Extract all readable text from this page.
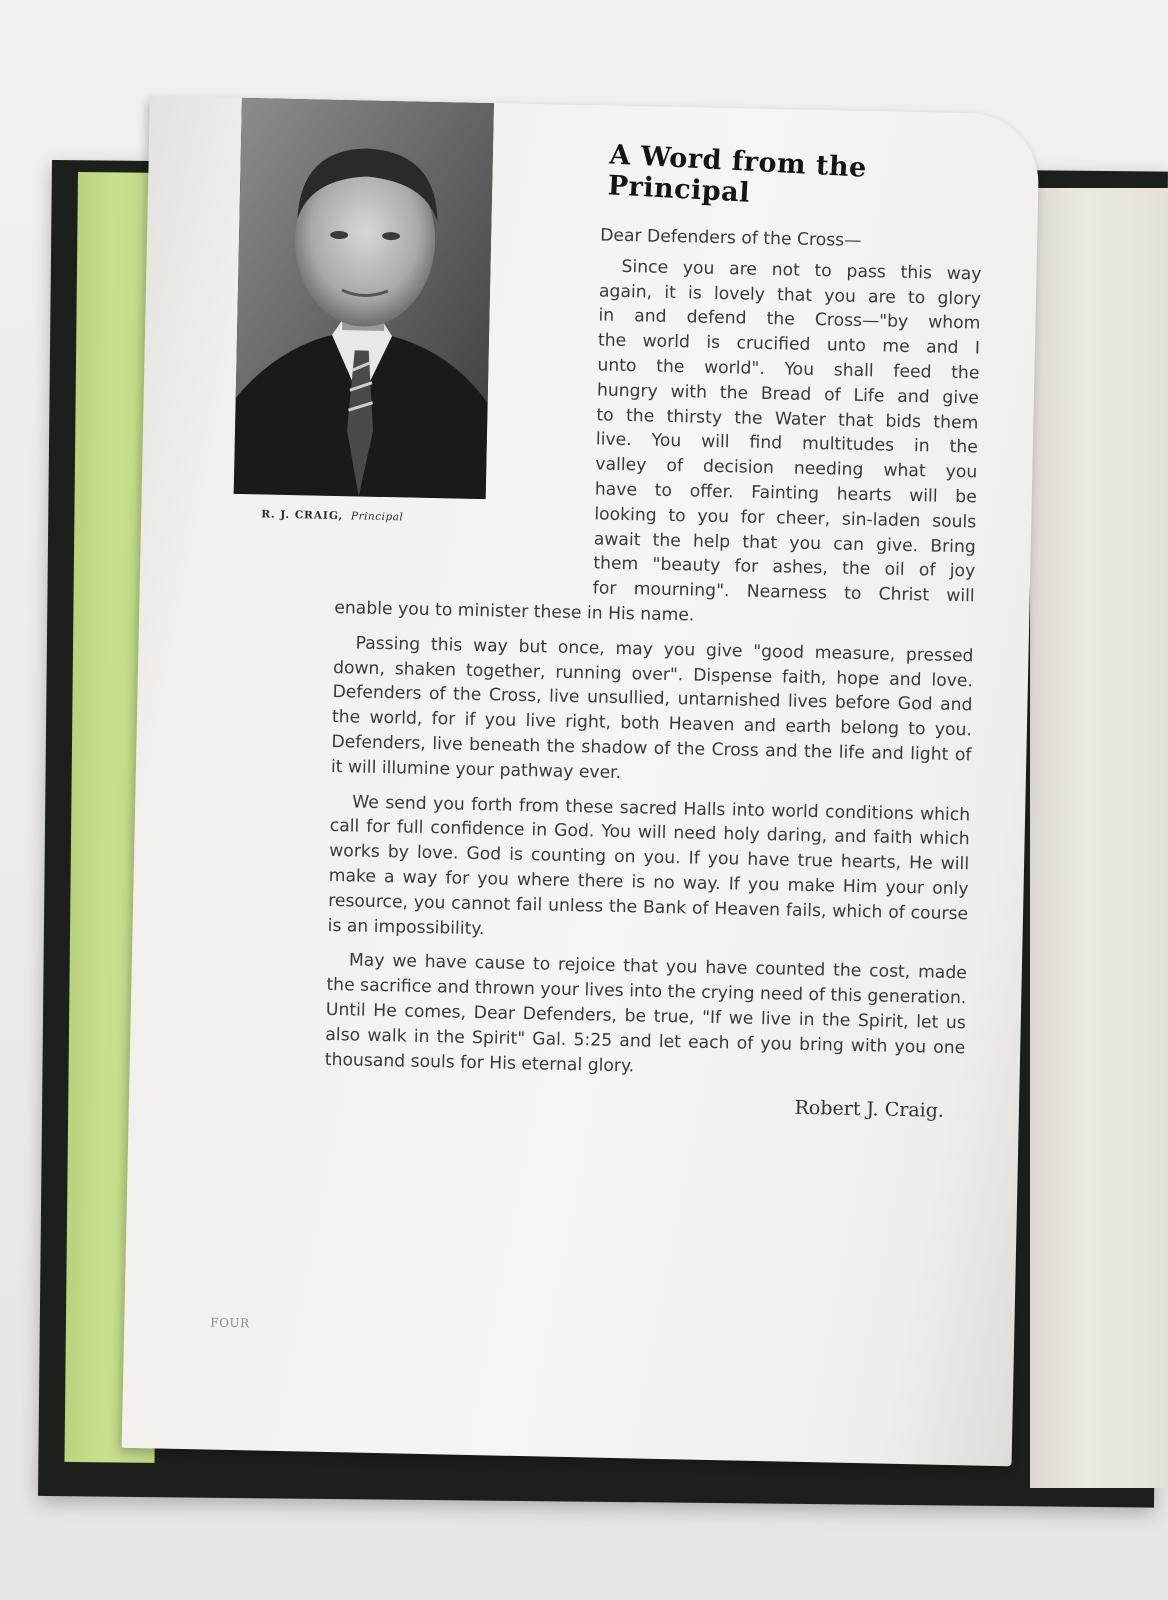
R. J. CRAIG, Principal
A Word from the Principal
Dear Defenders of the Cross—
Since you are not to pass this way
again, it is lovely that you are to glory
in and defend the Cross—"by whom
the world is crucified unto me and I
unto the world". You shall feed the
hungry with the Bread of Life and give
to the thirsty the Water that bids them
live. You will find multitudes in the
valley of decision needing what you
have to offer. Fainting hearts will be
looking to you for cheer, sin-laden souls
await the help that you can give. Bring
them "beauty for ashes, the oil of joy
for mourning". Nearness to Christ will
enable you to minister these in His name.

Passing this way but once, may you give "good measure, pressed down, shaken together, running over". Dispense faith, hope and love. Defenders of the Cross, live unsullied, untarnished lives before God and the world, for if you live right, both Heaven and earth belong to you. Defenders, live beneath the shadow of the Cross and the life and light of it will illumine your pathway ever.

We send you forth from these sacred Halls into world conditions which call for full confidence in God. You will need holy daring, and faith which works by love. God is counting on you. If you have true hearts, He will make a way for you where there is no way. If you make Him your only resource, you cannot fail unless the Bank of Heaven fails, which of course is an impossibility.

May we have cause to rejoice that you have counted the cost, made the sacrifice and thrown your lives into the crying need of this generation. Until He comes, Dear Defenders, be true, "If we live in the Spirit, let us also walk in the Spirit" Gal. 5:25 and let each of you bring with you one thousand souls for His eternal glory.

Robert J. Craig.
FOUR
